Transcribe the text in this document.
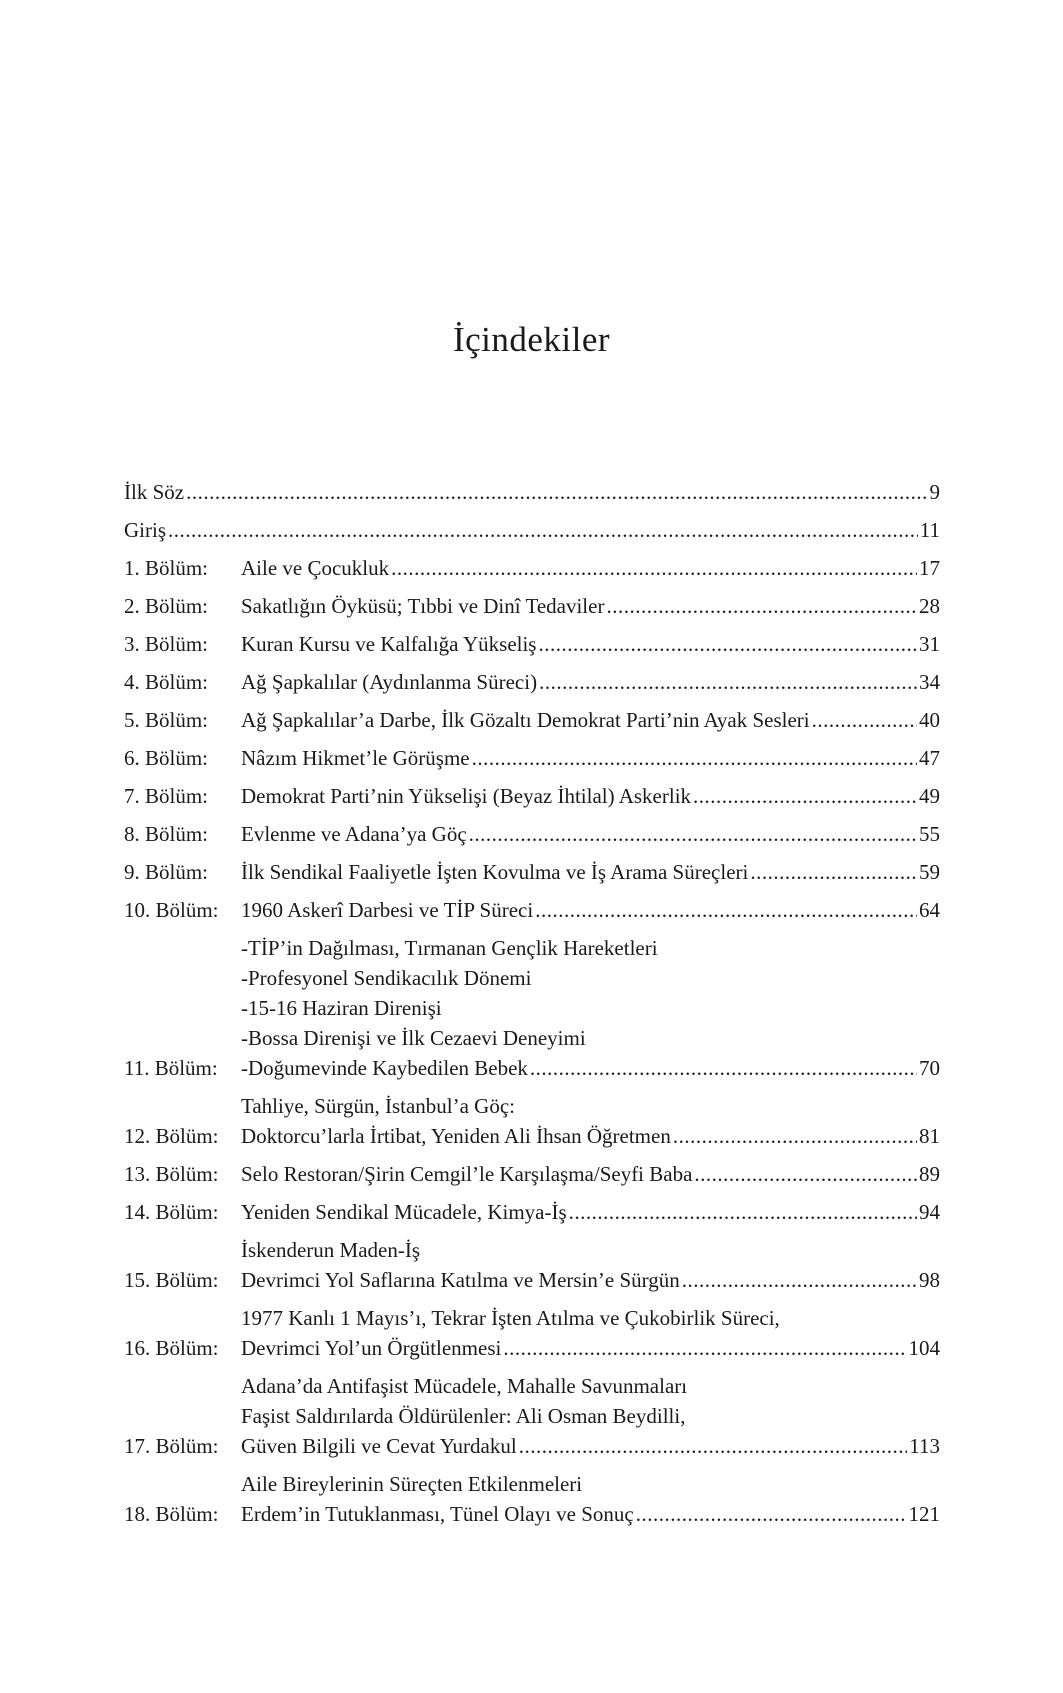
İçindekiler
İlk Söz .....	9
Giriş .....	11
1. Bölüm:	Aile ve Çocukluk .....	17
2. Bölüm:	Sakatlığın Öyküsü; Tıbbi ve Dinî Tedaviler .....	28
3. Bölüm:	Kuran Kursu ve Kalfalığa Yükseliş .....	31
4. Bölüm:	Ağ Şapkalılar (Aydınlanma Süreci) .....	34
5. Bölüm:	Ağ Şapkalılar’a Darbe, İlk Gözaltı Demokrat Parti’nin Ayak Sesleri .....	40
6. Bölüm:	Nâzım Hikmet’le Görüşme .....	47
7. Bölüm:	Demokrat Parti’nin Yükselişi (Beyaz İhtilal) Askerlik .....	49
8. Bölüm:	Evlenme ve Adana’ya Göç .....	55
9. Bölüm:	İlk Sendikal Faaliyetle İşten Kovulma ve İş Arama Süreçleri .....	59
10. Bölüm:	1960 Askerî Darbesi ve TİP Süreci .....	64
11. Bölüm:
-TİP’in Dağılması, Tırmanan Gençlik Hareketleri
-Profesyonel Sendikacılık Dönemi
-15-16 Haziran Direnişi
-Bossa Direnişi ve İlk Cezaevi Deneyimi
-Doğumevinde Kaybedilen Bebek .....	70
12. Bölüm:
Tahliye, Sürgün, İstanbul’a Göç:
Doktorcu’larla İrtibat, Yeniden Ali İhsan Öğretmen .....	81
13. Bölüm:	Selo Restoran/Şirin Cemgil’le Karşılaşma/Seyfi Baba .....	89
14. Bölüm:	Yeniden Sendikal Mücadele, Kimya-İş .....	94
15. Bölüm:
İskenderun Maden-İş
Devrimci Yol Saflarına Katılma ve Mersin’e Sürgün .....	98
16. Bölüm:
1977 Kanlı 1 Mayıs’ı, Tekrar İşten Atılma ve Çukobirlik Süreci,
Devrimci Yol’un Örgütlenmesi .....	104
17. Bölüm:
Adana’da Antifaşist Mücadele, Mahalle Savunmaları
Faşist Saldırılarda Öldürülenler: Ali Osman Beydilli,
Güven Bilgili ve Cevat Yurdakul .....	113
18. Bölüm:
Aile Bireylerinin Süreçten Etkilenmeleri
Erdem’in Tutuklanması, Tünel Olayı ve Sonuç .....	121
